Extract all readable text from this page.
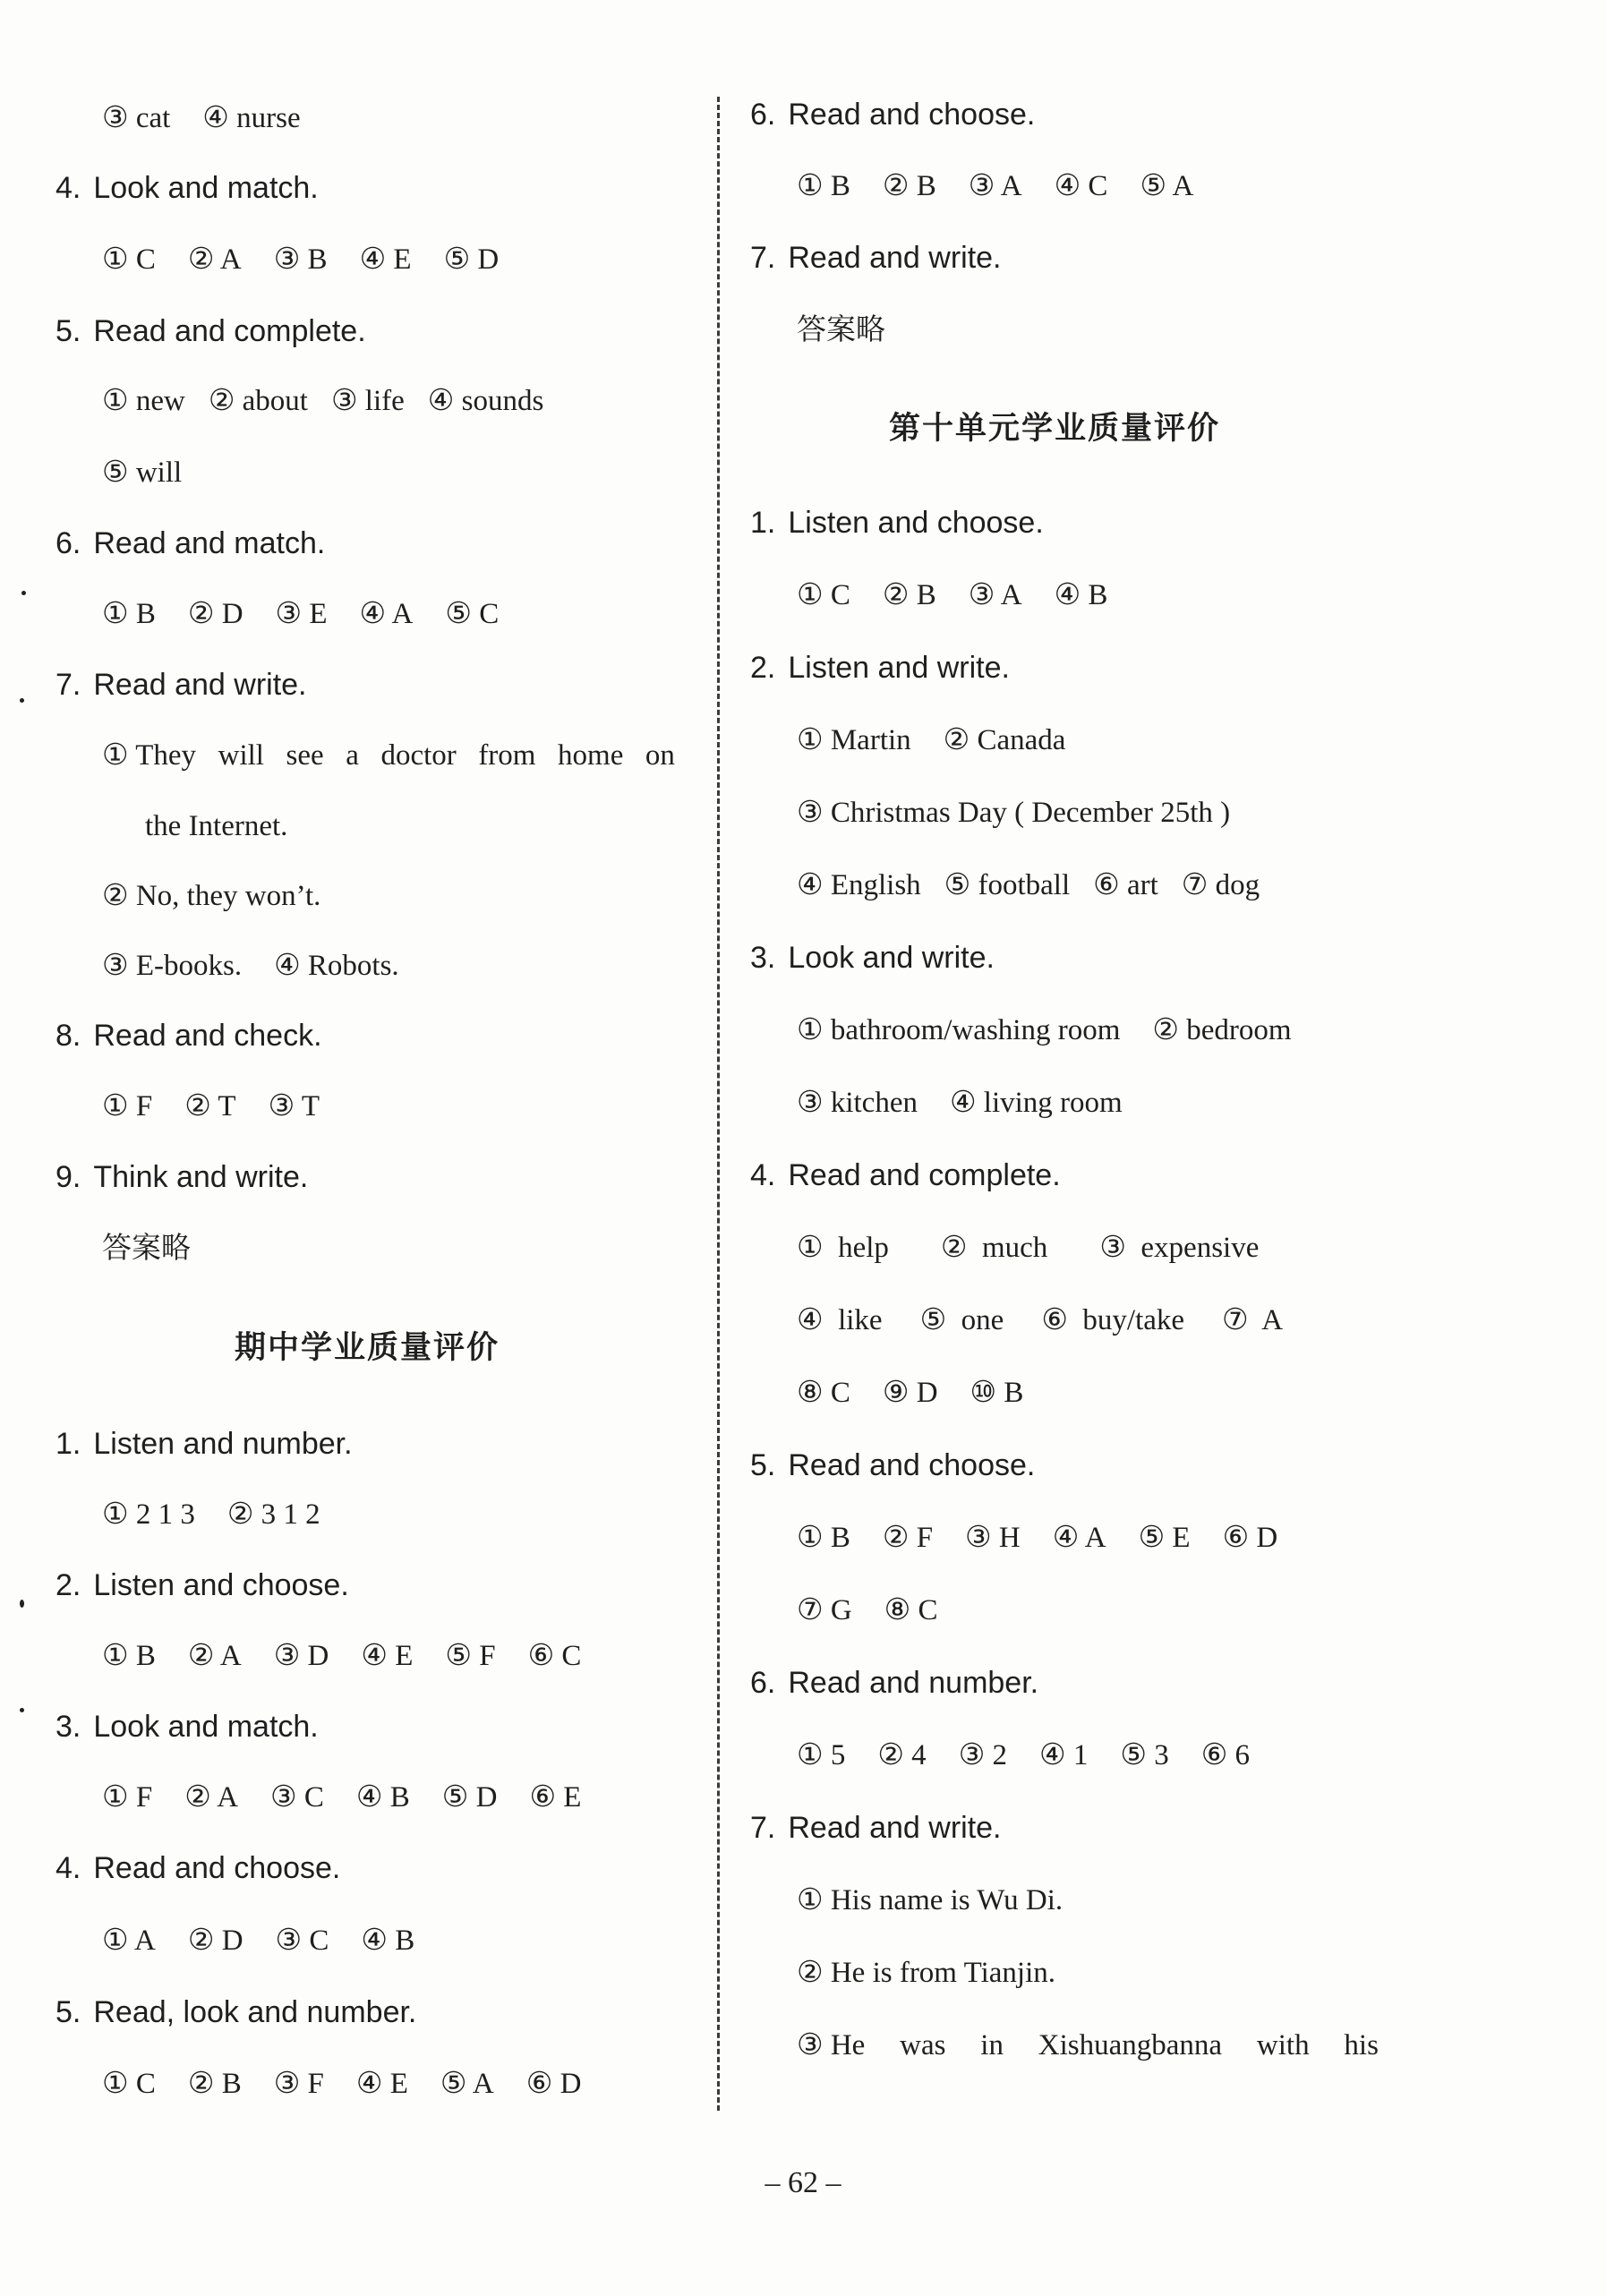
③ cat ④ nurse
4. Look and match.
① C ② A ③ B ④ E ⑤ D
5. Read and complete.
① new ② about ③ life ④ sounds
⑤ will
6. Read and match.
① B ② D ③ E ④ A ⑤ C
7. Read and write.
① They will see a doctor from home on
the Internet.
② No, they won’t.
③ E-books. ④ Robots.
8. Read and check.
① F ② T ③ T
9. Think and write.
答案略
期中学业质量评价
1. Listen and number.
① 2 1 3 ② 3 1 2
2. Listen and choose.
① B ② A ③ D ④ E ⑤ F ⑥ C
3. Look and match.
① F ② A ③ C ④ B ⑤ D ⑥ E
4. Read and choose.
① A ② D ③ C ④ B
5. Read, look and number.
① C ② B ③ F ④ E ⑤ A ⑥ D
6. Read and choose.
① B ② B ③ A ④ C ⑤ A
7. Read and write.
答案略
第十单元学业质量评价
1. Listen and choose.
① C ② B ③ A ④ B
2. Listen and write.
① Martin ② Canada
③ Christmas Day ( December 25th )
④ English ⑤ football ⑥ art ⑦ dog
3. Look and write.
① bathroom/washing room ② bedroom
③ kitchen ④ living room
4. Read and complete.
①  help ②  much ③  expensive
④  like ⑤  one ⑥  buy/take ⑦  A
⑧ C ⑨ D ⑩ B
5. Read and choose.
① B ② F ③ H ④ A ⑤ E ⑥ D
⑦ G ⑧ C
6. Read and number.
① 5 ② 4 ③ 2 ④ 1 ⑤ 3 ⑥ 6
7. Read and write.
① His name is Wu Di.
② He is from Tianjin.
③ He was in Xishuangbanna with his
– 62 –
